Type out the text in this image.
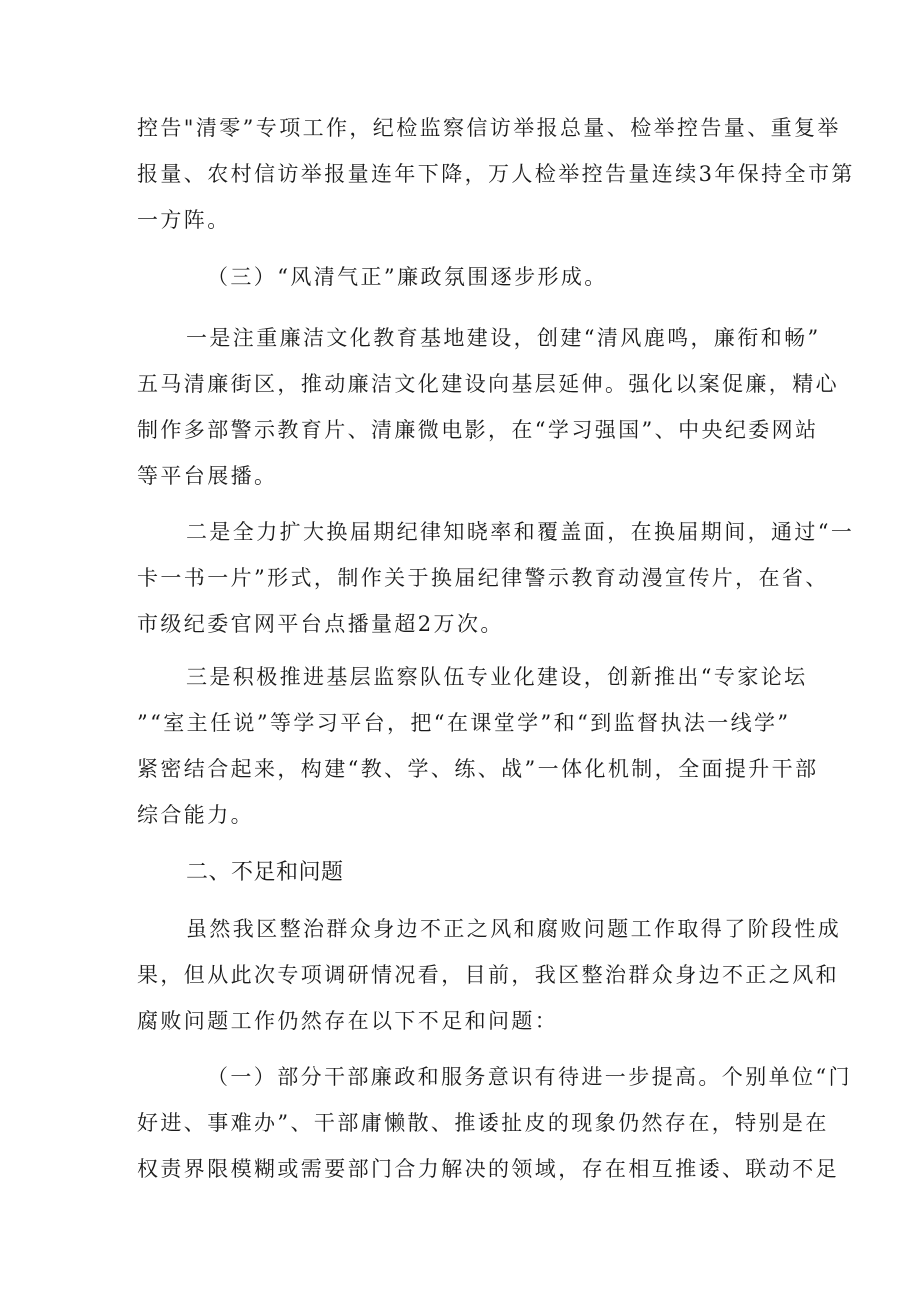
控告"清零”专项工作，纪检监察信访举报总量、检举控告量、重复举
报量、农村信访举报量连年下降，万人检举控告量连续3年保持全市第
一方阵。
（三）“风清气正”廉政氛围逐步形成。
一是注重廉洁文化教育基地建设，创建“清风鹿鸣，廉衔和畅”
五马清廉街区，推动廉洁文化建设向基层延伸。强化以案促廉，精心
制作多部警示教育片、清廉微电影，在“学习强国”、中央纪委网站
等平台展播。
二是全力扩大换届期纪律知晓率和覆盖面，在换届期间，通过“一
卡一书一片”形式，制作关于换届纪律警示教育动漫宣传片，在省、
市级纪委官网平台点播量超2万次。
三是积极推进基层监察队伍专业化建设，创新推出“专家论坛
”“室主任说”等学习平台，把“在课堂学”和“到监督执法一线学”
紧密结合起来，构建“教、学、练、战”一体化机制，全面提升干部
综合能力。
二、不足和问题
虽然我区整治群众身边不正之风和腐败问题工作取得了阶段性成
果，但从此次专项调研情况看，目前，我区整治群众身边不正之风和
腐败问题工作仍然存在以下不足和问题：
（一）部分干部廉政和服务意识有待进一步提高。个别单位“门
好进、事难办”、干部庸懒散、推诿扯皮的现象仍然存在，特别是在
权责界限模糊或需要部门合力解决的领域，存在相互推诿、联动不足
